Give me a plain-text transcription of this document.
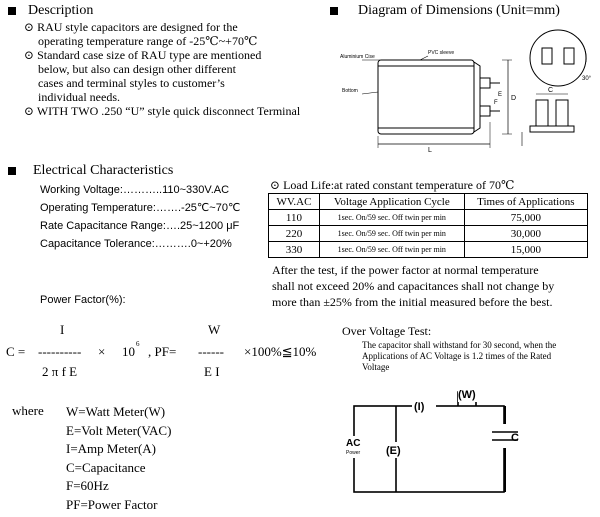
Description
⊙ RAU style capacitors are designed for the
operating temperature range of -25℃~+70℃
⊙ Standard case size of RAU type are mentioned
below, but also can design other different
cases and terminal styles to customer’s
individual needs.
⊙ WITH TWO .250 “U” style quick disconnect Terminal
Diagram of Dimensions (Unit=mm)
Aluminium Cise
PVC sleeve
Bottom
L
D
E
F
C
30°
Electrical Characteristics
Working Voltage:………..110~330V.AC
Operating Temperature:…….-25℃~70℃
Rate Capacitance Range:….25~1200 μF
Capacitance Tolerance:……….0~+20%
⊙ Load Life:at rated constant temperature of 70℃
WV.AC	Voltage Application Cycle	Times of Applications
110	1sec. On/59 sec. Off twin per min	75,000
220	1sec. On/59 sec. Off twin per min	30,000
330	1sec. On/59 sec. Off twin per min	15,000
After the test, if the power factor at normal temperature
shall not exceed 20% and capacitances shall not change by
more than ±25% from the initial measured before the best.
Power Factor(%):
C =
I
----------
2 π f E
× 10 6 , PF=
W
------
E I
×100%≦10%
where W=Watt Meter(W)
E=Volt Meter(VAC)
I=Amp Meter(A)
C=Capacitance
F=60Hz
PF=Power Factor
Over Voltage Test:
The capacitor shall withstand for 30 second, when the
Applications of AC Voltage is 1.2 times of the Rated
Voltage
(I)
(W)
AC
Power (E)
C
